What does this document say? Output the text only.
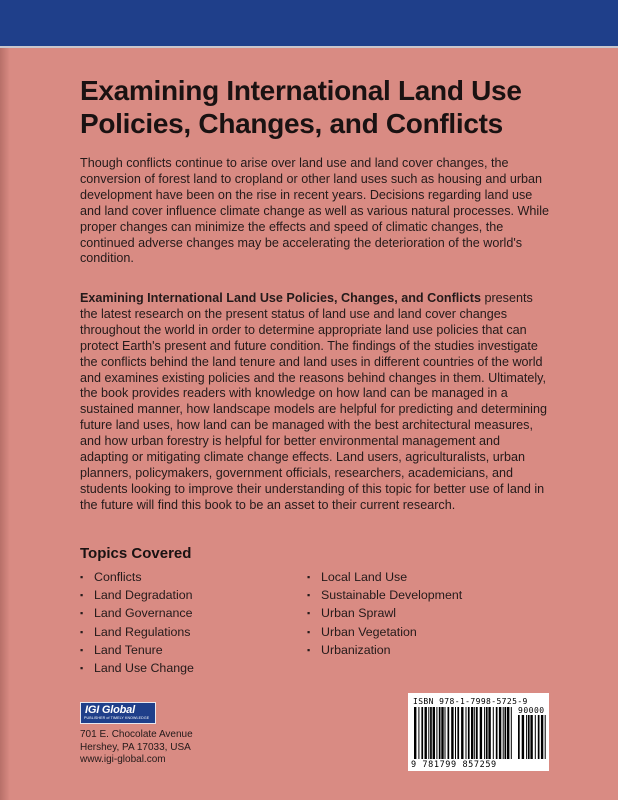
Examining International Land Use
Policies, Changes, and Conflicts
Though conflicts continue to arise over land use and land cover changes, the conversion of forest land to cropland or other land uses such as housing and urban development have been on the rise in recent years. Decisions regarding land use and land cover influence climate change as well as various natural processes. While proper changes can minimize the effects and speed of climatic changes, the continued adverse changes may be accelerating the deterioration of the world's condition.
Examining International Land Use Policies, Changes, and Conflicts presents the latest research on the present status of land use and land cover changes throughout the world in order to determine appropriate land use policies that can protect Earth's present and future condition. The findings of the studies investigate the conflicts behind the land tenure and land uses in different countries of the world and examines existing policies and the reasons behind changes in them. Ultimately, the book provides readers with knowledge on how land can be managed in a sustained manner, how landscape models are helpful for predicting and determining future land uses, how land can be managed with the best architectural measures, and how urban forestry is helpful for better environmental management and adapting or mitigating climate change effects. Land users, agriculturalists, urban planners, policymakers, government officials, researchers, academicians, and students looking to improve their understanding of this topic for better use of land in the future will find this book to be an asset to their current research.
Topics Covered
▪ Conflicts
▪ Land Degradation
▪ Land Governance
▪ Land Regulations
▪ Land Tenure
▪ Land Use Change
▪ Local Land Use
▪ Sustainable Development
▪ Urban Sprawl
▪ Urban Vegetation
▪ Urbanization
IGI Global
PUBLISHER of TIMELY KNOWLEDGE
701 E. Chocolate Avenue
Hershey, PA 17033, USA
www.igi-global.com
ISBN 978-1-7998-5725-9
90000
9 781799 857259
